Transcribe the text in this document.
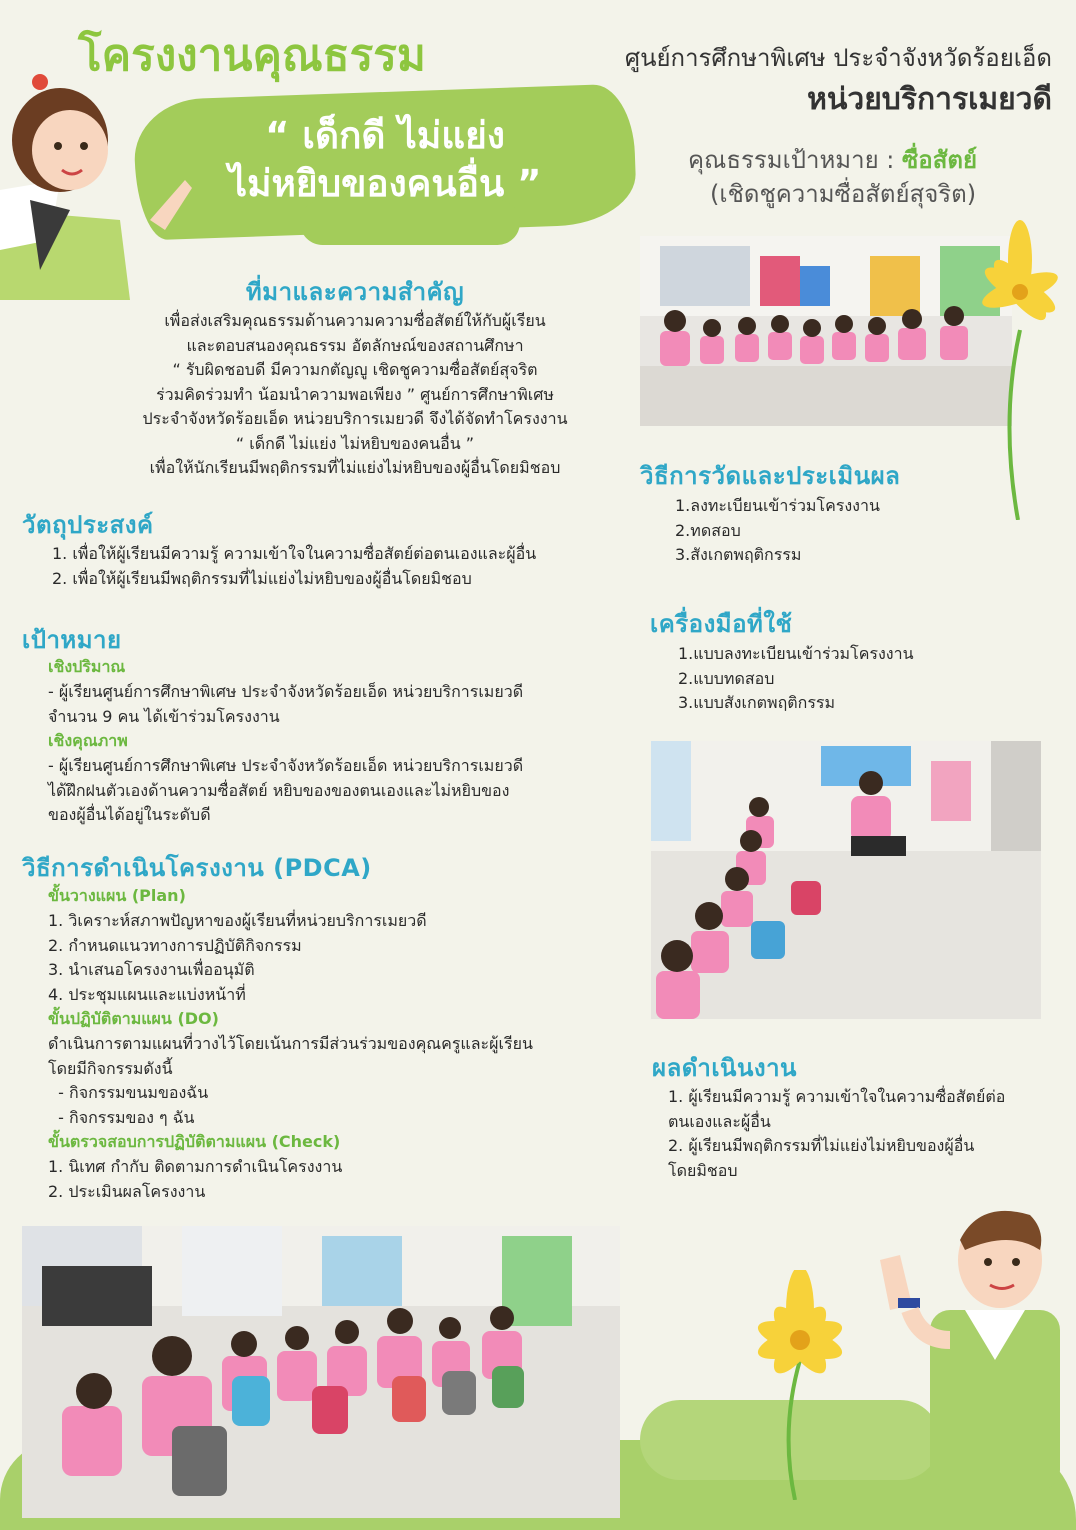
โครงงานคุณธรรม
“ เด็กดี ไม่แย่ง
ไม่หยิบของคนอื่น ”
ศูนย์การศึกษาพิเศษ ประจำจังหวัดร้อยเอ็ด
หน่วยบริการเมยวดี
คุณธรรมเป้าหมาย : ซื่อสัตย์
(เชิดชูความซื่อสัตย์สุจริต)
ที่มาและความสำคัญ
เพื่อส่งเสริมคุณธรรมด้านความความซื่อสัตย์ให้กับผู้เรียน
และตอบสนองคุณธรรม อัตลักษณ์ของสถานศึกษา
“ รับผิดชอบดี มีความกตัญญู เชิดชูความซื่อสัตย์สุจริต
ร่วมคิดร่วมทำ น้อมนำความพอเพียง ” ศูนย์การศึกษาพิเศษ
ประจำจังหวัดร้อยเอ็ด หน่วยบริการเมยวดี จึงได้จัดทำโครงงาน
“ เด็กดี ไม่แย่ง ไม่หยิบของคนอื่น ”
เพื่อให้นักเรียนมีพฤติกรรมที่ไม่แย่งไม่หยิบของผู้อื่นโดยมิชอบ
วัตถุประสงค์
1. เพื่อให้ผู้เรียนมีความรู้ ความเข้าใจในความซื่อสัตย์ต่อตนเองและผู้อื่น
2. เพื่อให้ผู้เรียนมีพฤติกรรมที่ไม่แย่งไม่หยิบของผู้อื่นโดยมิชอบ
เป้าหมาย
เชิงปริมาณ
- ผู้เรียนศูนย์การศึกษาพิเศษ ประจำจังหวัดร้อยเอ็ด หน่วยบริการเมยวดี
จำนวน 9 คน ได้เข้าร่วมโครงงาน
เชิงคุณภาพ
- ผู้เรียนศูนย์การศึกษาพิเศษ ประจำจังหวัดร้อยเอ็ด หน่วยบริการเมยวดี
ได้ฝึกฝนตัวเองด้านความซื่อสัตย์ หยิบของของตนเองและไม่หยิบของ
ของผู้อื่นได้อยู่ในระดับดี
วิธีการดำเนินโครงงาน (PDCA)
ขั้นวางแผน (Plan)
1. วิเคราะห์สภาพปัญหาของผู้เรียนที่หน่วยบริการเมยวดี
2. กำหนดแนวทางการปฏิบัติกิจกรรม
3. นำเสนอโครงงานเพื่ออนุมัติ
4. ประชุมแผนและแบ่งหน้าที่
ขั้นปฏิบัติตามแผน (DO)
ดำเนินการตามแผนที่วางไว้โดยเน้นการมีส่วนร่วมของคุณครูและผู้เรียน
โดยมีกิจกรรมดังนี้
- กิจกรรมขนมของฉัน
- กิจกรรมของ ๆ ฉัน
ขั้นตรวจสอบการปฏิบัติตามแผน (Check)
1. นิเทศ กำกับ ติดตามการดำเนินโครงงาน
2. ประเมินผลโครงงาน
วิธีการวัดและประเมินผล
1.ลงทะเบียนเข้าร่วมโครงงาน
2.ทดสอบ
3.สังเกตพฤติกรรม
เครื่องมือที่ใช้
1.แบบลงทะเบียนเข้าร่วมโครงงาน
2.แบบทดสอบ
3.แบบสังเกตพฤติกรรม
ผลดำเนินงาน
1. ผู้เรียนมีความรู้ ความเข้าใจในความซื่อสัตย์ต่อ
ตนเองและผู้อื่น
2. ผู้เรียนมีพฤติกรรมที่ไม่แย่งไม่หยิบของผู้อื่น
โดยมิชอบ
